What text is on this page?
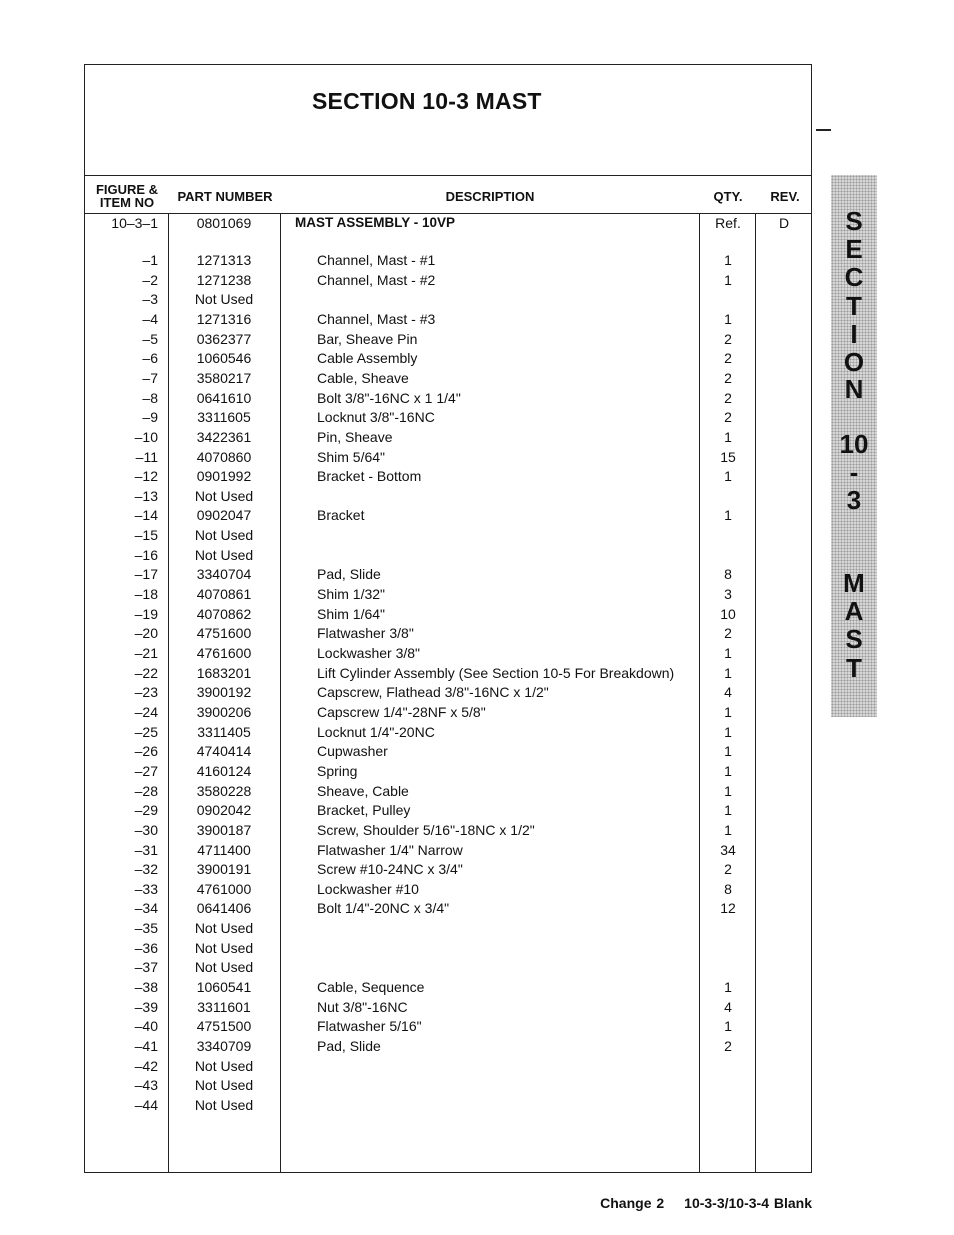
SECTION 10-3 MAST
FIGURE &
ITEM NO	PART NUMBER	DESCRIPTION	QTY.	REV.
10–3–1	0801069	MAST ASSEMBLY - 10VP	Ref.	D
–1	1271313	Channel, Mast - #1	1
–2	1271238	Channel, Mast - #2	1
–3	Not Used
–4	1271316	Channel, Mast - #3	1
–5	0362377	Bar, Sheave Pin	2
–6	1060546	Cable Assembly	2
–7	3580217	Cable, Sheave	2
–8	0641610	Bolt 3/8"-16NC x 1 1/4"	2
–9	3311605	Locknut 3/8"-16NC	2
–10	3422361	Pin, Sheave	1
–11	4070860	Shim 5/64"	15
–12	0901992	Bracket - Bottom	1
–13	Not Used
–14	0902047	Bracket	1
–15	Not Used
–16	Not Used
–17	3340704	Pad, Slide	8
–18	4070861	Shim 1/32"	3
–19	4070862	Shim 1/64"	10
–20	4751600	Flatwasher 3/8"	2
–21	4761600	Lockwasher 3/8"	1
–22	1683201	Lift Cylinder Assembly (See Section 10-5 For Breakdown)	1
–23	3900192	Capscrew, Flathead 3/8"-16NC x 1/2"	4
–24	3900206	Capscrew 1/4"-28NF x 5/8"	1
–25	3311405	Locknut 1/4"-20NC	1
–26	4740414	Cupwasher	1
–27	4160124	Spring	1
–28	3580228	Sheave, Cable	1
–29	0902042	Bracket, Pulley	1
–30	3900187	Screw, Shoulder 5/16"-18NC x 1/2"	1
–31	4711400	Flatwasher 1/4" Narrow	34
–32	3900191	Screw #10-24NC x 3/4"	2
–33	4761000	Lockwasher #10	8
–34	0641406	Bolt 1/4"-20NC x 3/4"	12
–35	Not Used
–36	Not Used
–37	Not Used
–38	1060541	Cable, Sequence	1
–39	3311601	Nut 3/8"-16NC	4
–40	4751500	Flatwasher 5/16"	1
–41	3340709	Pad, Slide	2
–42	Not Used
–43	Not Used
–44	Not Used
S
E
C
T
I
O
N
10
-
3
M
A
S
T
Change 2 10-3-3/10-3-4 Blank
